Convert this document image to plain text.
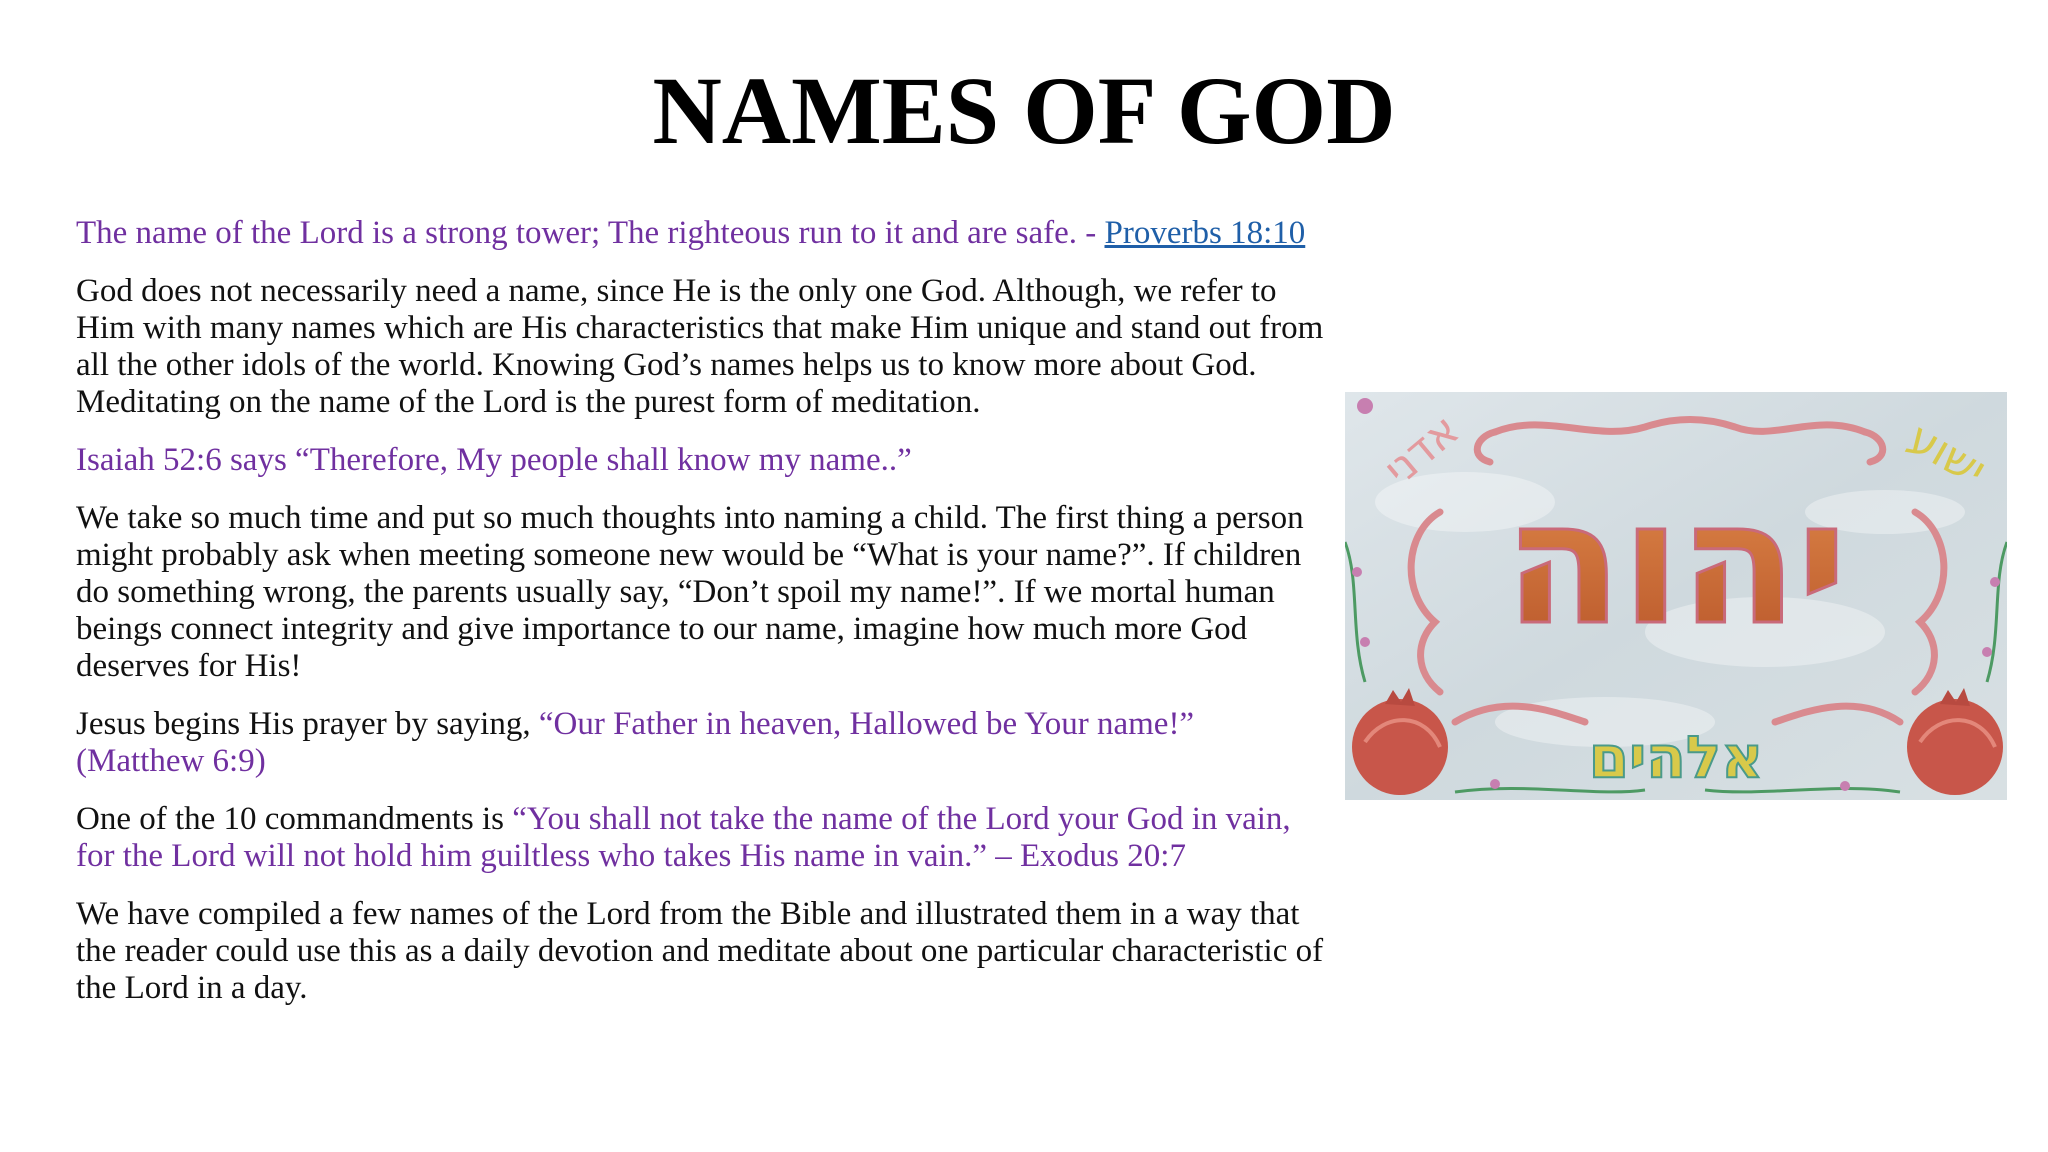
NAMES OF GOD

The name of the Lord is a strong tower; The righteous run to it and are safe. - Proverbs 18:10

God does not necessarily need a name, since He is the only one God. Although, we refer to Him with many names which are His characteristics that make Him unique and stand out from all the other idols of the world. Knowing God’s names helps us to know more about God. Meditating on the name of the Lord is the purest form of meditation.

Isaiah 52:6 says “Therefore, My people shall know my name..”

We take so much time and put so much thoughts into naming a child. The first thing a person might probably ask when meeting someone new would be “What is your name?”. If children do something wrong, the parents usually say, “Don’t spoil my name!”. If we mortal human beings connect integrity and give importance to our name, imagine how much more God deserves for His!

Jesus begins His prayer by saying, “Our Father in heaven, Hallowed be Your name!” (Matthew 6:9)

One of the 10 commandments is “You shall not take the name of the Lord your God in vain, for the Lord will not hold him guiltless who takes His name in vain.” – Exodus 20:7

We have compiled a few names of the Lord from the Bible and illustrated them in a way that the reader could use this as a daily devotion and meditate about one particular characteristic of the Lord in a day.

אדני	ישוע
יהוה
אלהים
